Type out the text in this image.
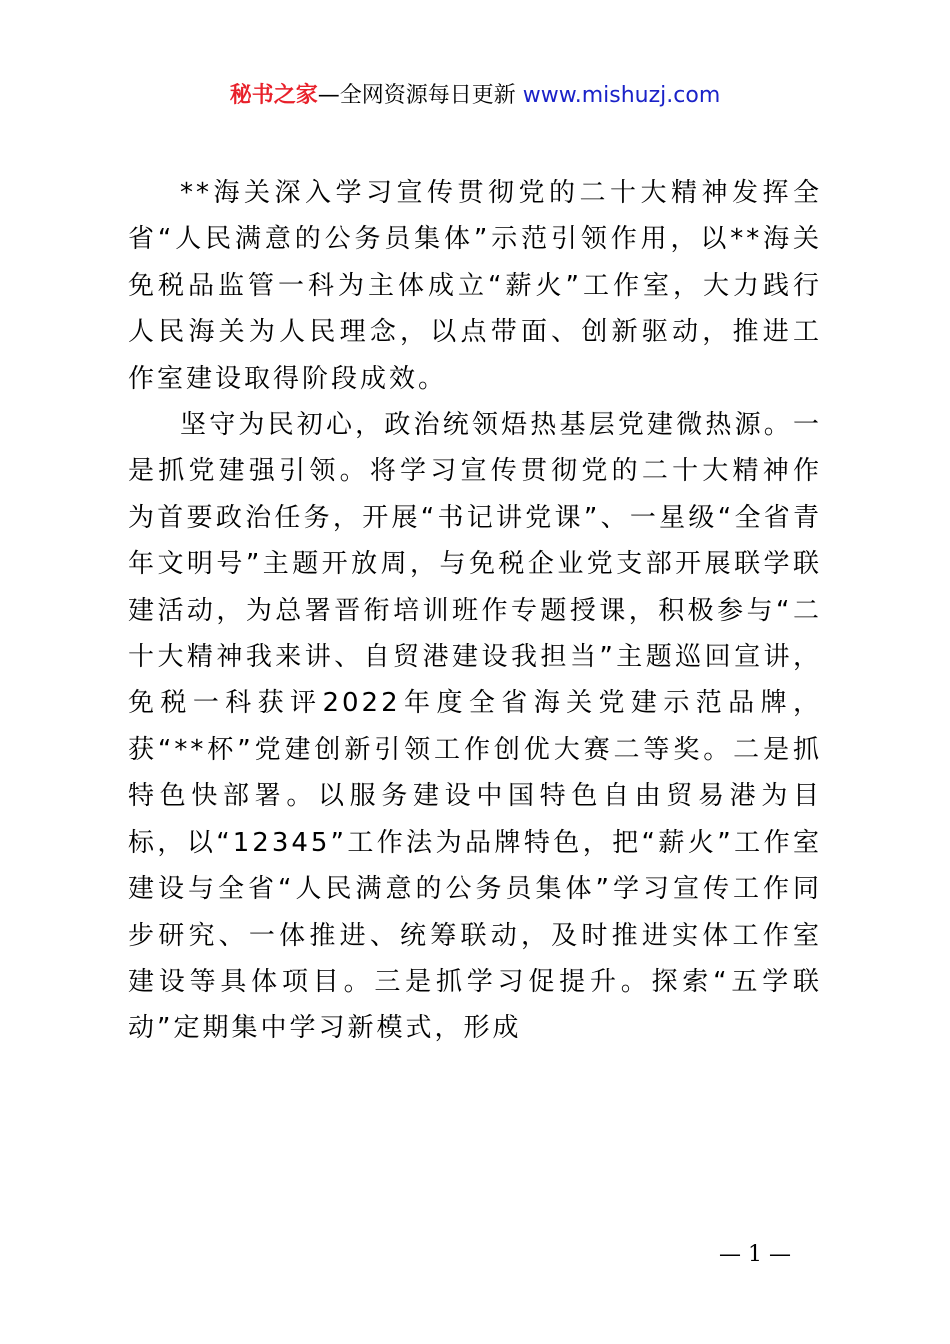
秘书之家—全网资源每日更新 www.mishuzj.com

**海关深入学习宣传贯彻党的二十大精神发挥全省“人民满意的公务员集体”示范引领作用，以**海关免税品监管一科为主体成立“薪火”工作室，大力践行人民海关为人民理念，以点带面、创新驱动，推进工作室建设取得阶段成效。

坚守为民初心，政治统领焐热基层党建微热源。一是抓党建强引领。将学习宣传贯彻党的二十大精神作为首要政治任务，开展“书记讲党课”、一星级“全省青年文明号”主题开放周，与免税企业党支部开展联学联建活动，为总署晋衔培训班作专题授课，积极参与“二十大精神我来讲、自贸港建设我担当”主题巡回宣讲，免税一科获评2022年度全省海关党建示范品牌，获“**杯”党建创新引领工作创优大赛二等奖。二是抓特色快部署。以服务建设中国特色自由贸易港为目标，以“12345”工作法为品牌特色，把“薪火”工作室建设与全省“人民满意的公务员集体”学习宣传工作同步研究、一体推进、统筹联动，及时推进实体工作室建设等具体项目。三是抓学习促提升。探索“五学联动”定期集中学习新模式，形成

— 1 —
